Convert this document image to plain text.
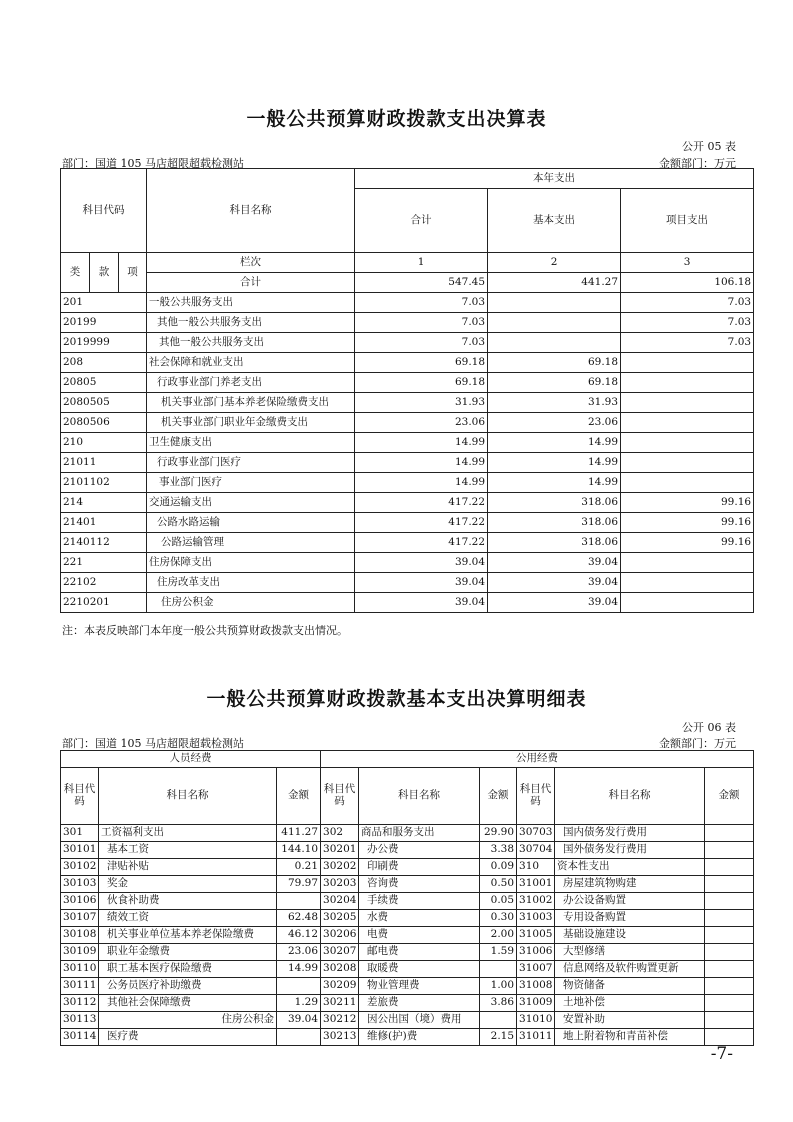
一般公共预算财政拨款支出决算表
公开 05 表
部门：国道 105 马店超限超载检测站	金额部门：万元
科目代码			科目名称	本年支出		
				合计	基本支出	项目支出

类	款	项	栏次	1	2	3
			合计	547.45	441.27	106.18
201			一般公共服务支出	7.03		7.03
20199			其他一般公共服务支出	7.03		7.03
2019999			其他一般公共服务支出	7.03		7.03
208			社会保障和就业支出	69.18	69.18	
20805			行政事业部门养老支出	69.18	69.18	
2080505			机关事业部门基本养老保险缴费支出	31.93	31.93	
2080506			机关事业部门职业年金缴费支出	23.06	23.06	
210			卫生健康支出	14.99	14.99	
21011			行政事业部门医疗	14.99	14.99	
2101102			事业部门医疗	14.99	14.99	
214			交通运输支出	417.22	318.06	99.16
21401			公路水路运输	417.22	318.06	99.16
2140112			公路运输管理	417.22	318.06	99.16
221			住房保障支出	39.04	39.04	
22102			住房改革支出	39.04	39.04	
2210201			住房公积金	39.04	39.04	
注：本表反映部门本年度一般公共预算财政拨款支出情况。
一般公共预算财政拨款基本支出决算明细表
公开 06 表
部门：国道 105 马店超限超载检测站	金额部门：万元
人员经费			公用经费					
科目代码	科目名称	金额	科目代码	科目名称	金额	科目代码	科目名称	金额
301	工资福利支出	411.27	302	商品和服务支出	29.90	30703	国内债务发行费用	
30101	基本工资	144.10	30201	办公费	3.38	30704	国外债务发行费用	
30102	津贴补贴	0.21	30202	印刷费	0.09	310	资本性支出	
30103	奖金	79.97	30203	咨询费	0.50	31001	房屋建筑物购建	
30106	伙食补助费		30204	手续费	0.05	31002	办公设备购置	
30107	绩效工资	62.48	30205	水费	0.30	31003	专用设备购置	
30108	机关事业单位基本养老保险缴费	46.12	30206	电费	2.00	31005	基础设施建设	
30109	职业年金缴费	23.06	30207	邮电费	1.59	31006	大型修缮	
30110	职工基本医疗保险缴费	14.99	30208	取暖费		31007	信息网络及软件购置更新	
30111	公务员医疗补助缴费		30209	物业管理费	1.00	31008	物资储备	
30112	其他社会保障缴费	1.29	30211	差旅费	3.86	31009	土地补偿	
30113	住房公积金	39.04	30212	因公出国（境）费用		31010	安置补助	
30114	医疗费		30213	维修(护)费	2.15	31011	地上附着物和青苗补偿	
-7-
